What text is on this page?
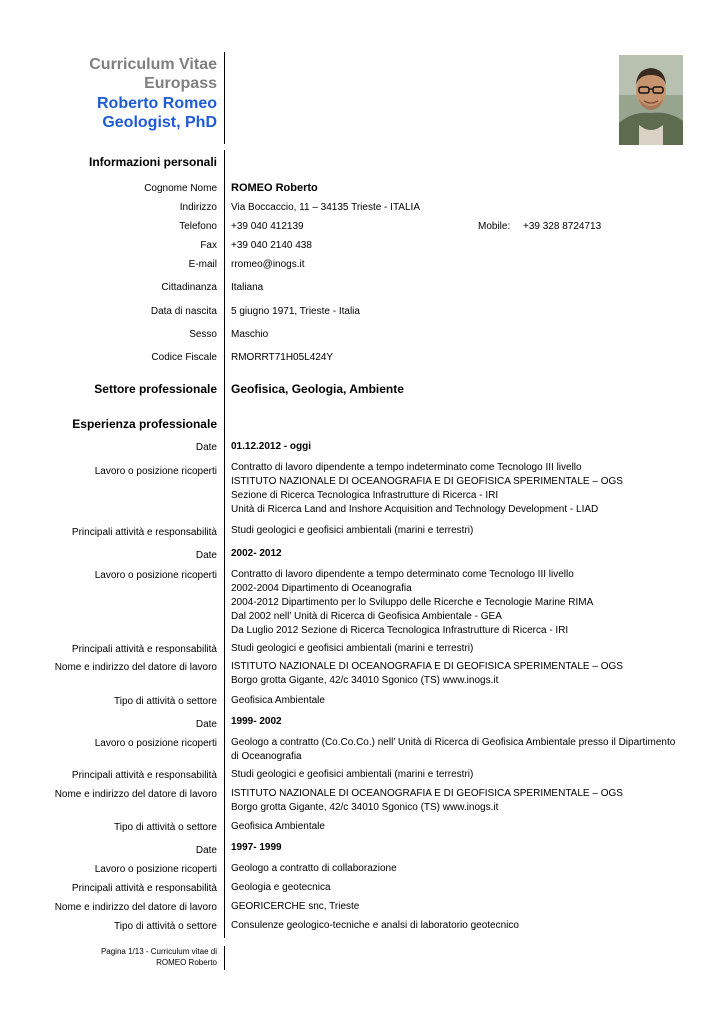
Curriculum Vitae
Europass
Roberto Romeo
Geologist, PhD
Informazioni personali
Cognome Nome ROMEO Roberto
Indirizzo Via Boccaccio, 11 – 34135 Trieste - ITALIA
Telefono +39 040 412139	Mobile: +39 328 8724713
Fax +39 040 2140 438
E-mail rromeo@inogs.it
Cittadinanza Italiana
Data di nascita 5 giugno 1971, Trieste - Italia
Sesso Maschio
Codice Fiscale RMORRT71H05L424Y
Settore professionale Geofisica, Geologia, Ambiente
Esperienza professionale
Date 01.12.2012 - oggi
Lavoro o posizione ricoperti Contratto di lavoro dipendente a tempo indeterminato come Tecnologo III livello
ISTITUTO NAZIONALE DI OCEANOGRAFIA E DI GEOFISICA SPERIMENTALE – OGS
Sezione di Ricerca Tecnologica Infrastrutture di Ricerca - IRI
Unità di Ricerca Land and Inshore Acquisition and Technology Development - LIAD
Principali attività e responsabilità Studi geologici e geofisici ambientali (marini e terrestri)
Date 2002- 2012
Lavoro o posizione ricoperti Contratto di lavoro dipendente a tempo determinato come Tecnologo III livello
2002-2004 Dipartimento di Oceanografia
2004-2012 Dipartimento per lo Sviluppo delle Ricerche e Tecnologie Marine RIMA
Dal 2002 nell’ Unità di Ricerca di Geofisica Ambientale - GEA
Da Luglio 2012 Sezione di Ricerca Tecnologica Infrastrutture di Ricerca - IRI
Principali attività e responsabilità Studi geologici e geofisici ambientali (marini e terrestri)
Nome e indirizzo del datore di lavoro ISTITUTO NAZIONALE DI OCEANOGRAFIA E DI GEOFISICA SPERIMENTALE – OGS
Borgo grotta Gigante, 42/c 34010 Sgonico (TS) www.inogs.it
Tipo di attività o settore Geofisica Ambientale
Date 1999- 2002
Lavoro o posizione ricoperti Geologo a contratto (Co.Co.Co.) nell’ Unità di Ricerca di Geofisica Ambientale presso il Dipartimento
di Oceanografia
Principali attività e responsabilità Studi geologici e geofisici ambientali (marini e terrestri)
Nome e indirizzo del datore di lavoro ISTITUTO NAZIONALE DI OCEANOGRAFIA E DI GEOFISICA SPERIMENTALE – OGS
Borgo grotta Gigante, 42/c 34010 Sgonico (TS) www.inogs.it
Tipo di attività o settore Geofisica Ambientale
Date 1997- 1999
Lavoro o posizione ricoperti Geologo a contratto di collaborazione
Principali attività e responsabilità Geologia e geotecnica
Nome e indirizzo del datore di lavoro GEORICERCHE snc, Trieste
Tipo di attività o settore Consulenze geologico-tecniche e analsi di laboratorio geotecnico
Pagina 1/13 - Curriculum vitae di
ROMEO Roberto
